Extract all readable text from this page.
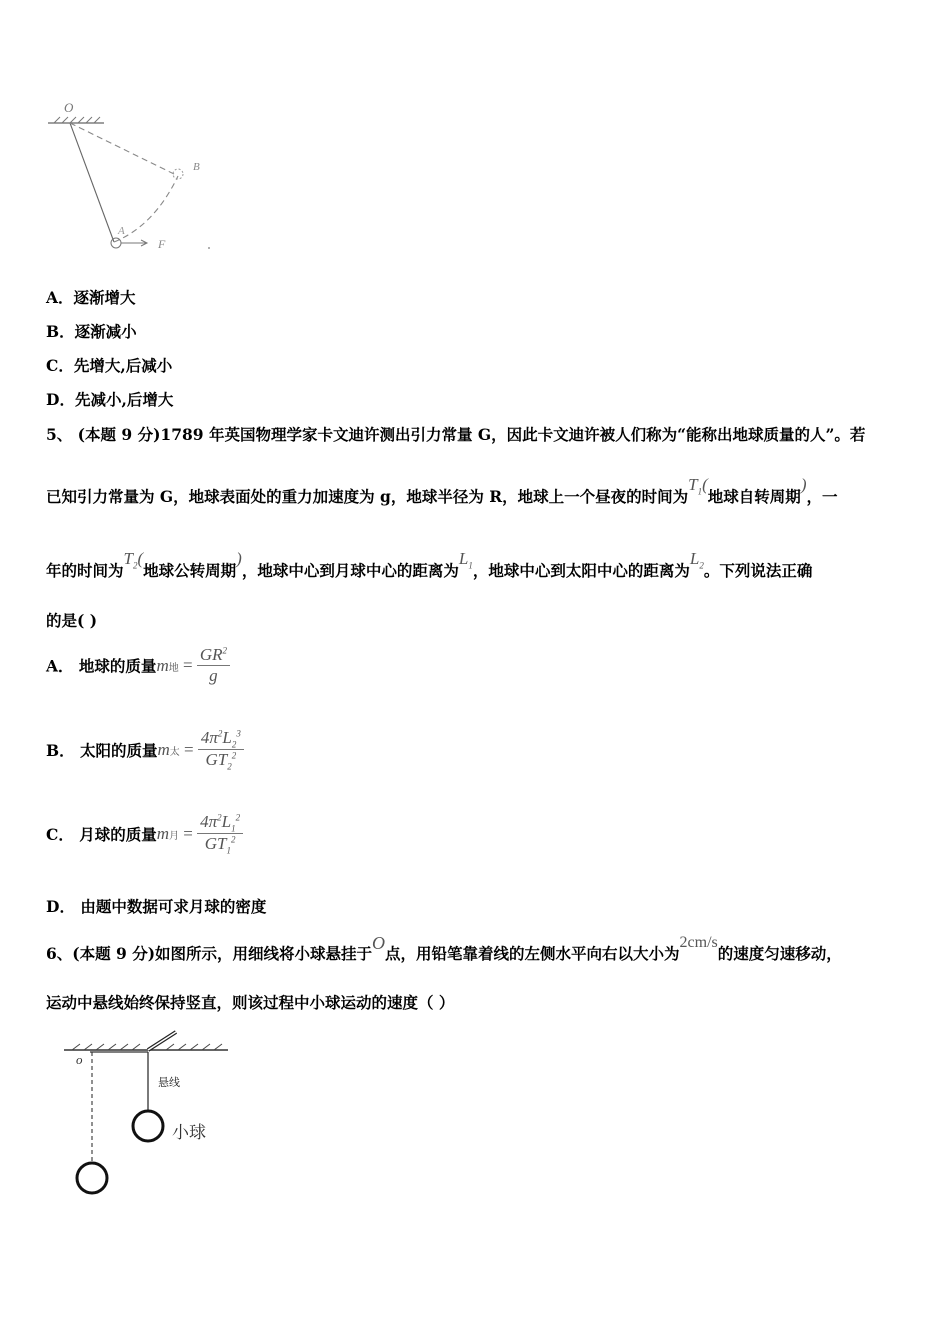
O
B
A
F
A．逐渐增大
B．逐渐减小
C．先增大,后减小
D．先减小,后增大
5、 (本题 9 分)1789 年英国物理学家卡文迪许测出引力常量 G，因此卡文迪许被人们称为“能称出地球质量的人”。若
已知引力常量为 G，地球表面处的重力加速度为 g，地球半径为 R，地球上一个昼夜的时间为$T_1$(地球自转周期)，一
年的时间为$T_2$(地球公转周期)，地球中心到月球中心的距离为$L_1$，地球中心到太阳中心的距离为$L_2$。下列说法正确
的是( )
A． 地球的质量m地 = $\frac{GR^2}{g}$
B． 太阳的质量m太 = $\frac{4\pi^2L_2^3}{GT_2^2}$
C． 月球的质量m月 = $\frac{4\pi^2L_1^2}{GT_1^2}$
D． 由题中数据可求月球的密度
6、(本题 9 分)如图所示，用细线将小球悬挂于O点，用铅笔靠着线的左侧水平向右以大小为2cm/s的速度匀速移动，
运动中悬线始终保持竖直，则该过程中小球运动的速度（ ）
o
悬线
小球
